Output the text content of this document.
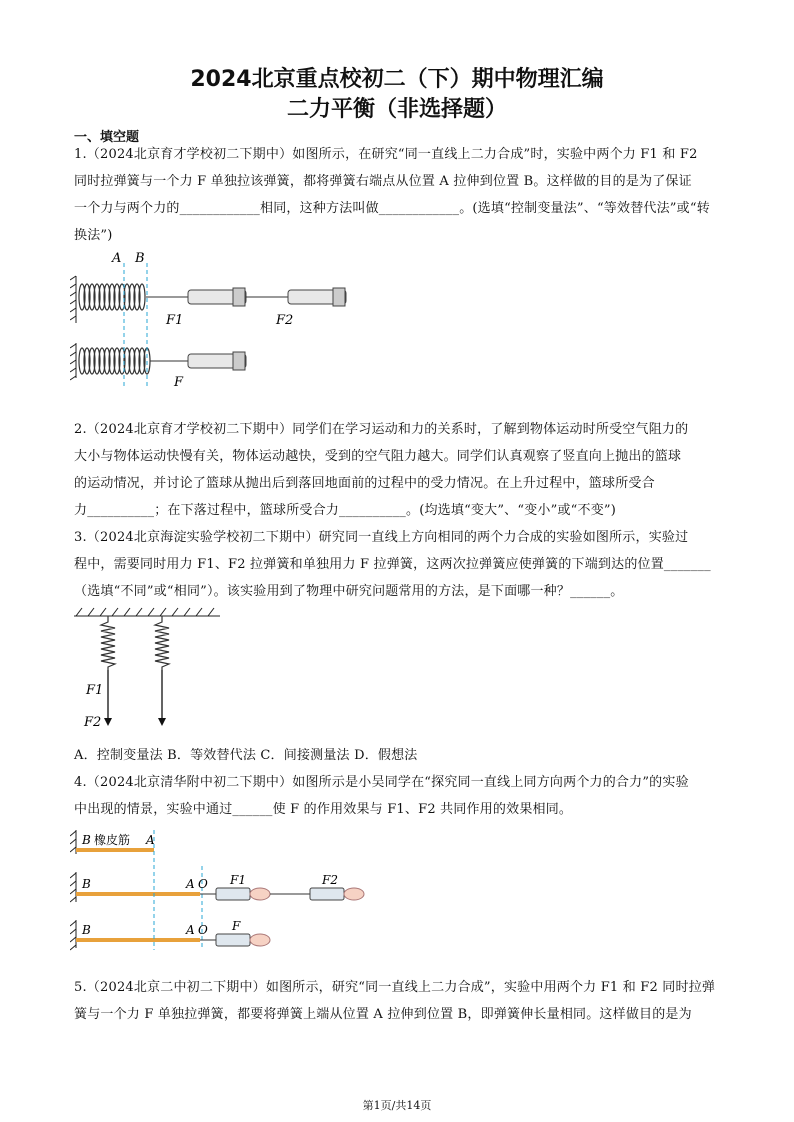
2024北京重点校初二（下）期中物理汇编
二力平衡（非选择题）
一、填空题
1.（2024北京育才学校初二下期中）如图所示，在研究“同一直线上二力合成”时，实验中两个力 F1 和 F2
同时拉弹簧与一个力 F 单独拉该弹簧，都将弹簧右端点从位置 A 拉伸到位置 B。这样做的目的是为了保证
一个力与两个力的____________相同，这种方法叫做____________。(选填“控制变量法”、“等效替代法”或“转
换法”)
A B
F1	F2
F
2.（2024北京育才学校初二下期中）同学们在学习运动和力的关系时，了解到物体运动时所受空气阻力的
大小与物体运动快慢有关，物体运动越快，受到的空气阻力越大。同学们认真观察了竖直向上抛出的篮球
的运动情况，并讨论了篮球从抛出后到落回地面前的过程中的受力情况。在上升过程中，篮球所受合
力__________；在下落过程中，篮球所受合力__________。(均选填“变大”、“变小”或“不变”)
3.（2024北京海淀实验学校初二下期中）研究同一直线上方向相同的两个力合成的实验如图所示，实验过
程中，需要同时用力 F1、F2 拉弹簧和单独用力 F 拉弹簧，这两次拉弹簧应使弹簧的下端到达的位置_______
（选填“不同”或“相同”）。该实验用到了物理中研究问题常用的方法，是下面哪一种？______。
F1
F2
A．控制变量法 B．等效替代法 C．间接测量法 D．假想法
4.（2024北京清华附中初二下期中）如图所示是小吴同学在“探究同一直线上同方向两个力的合力”的实验
中出现的情景，实验中通过______使 F 的作用效果与 F1、F2 共同作用的效果相同。
B 橡皮筋 A
B	A O
B	A O
F1	F2
F
5.（2024北京二中初二下期中）如图所示，研究“同一直线上二力合成”，实验中用两个力 F1 和 F2 同时拉弹
簧与一个力 F 单独拉弹簧，都要将弹簧上端从位置 A 拉伸到位置 B，即弹簧伸长量相同。这样做目的是为
第1页/共14页
